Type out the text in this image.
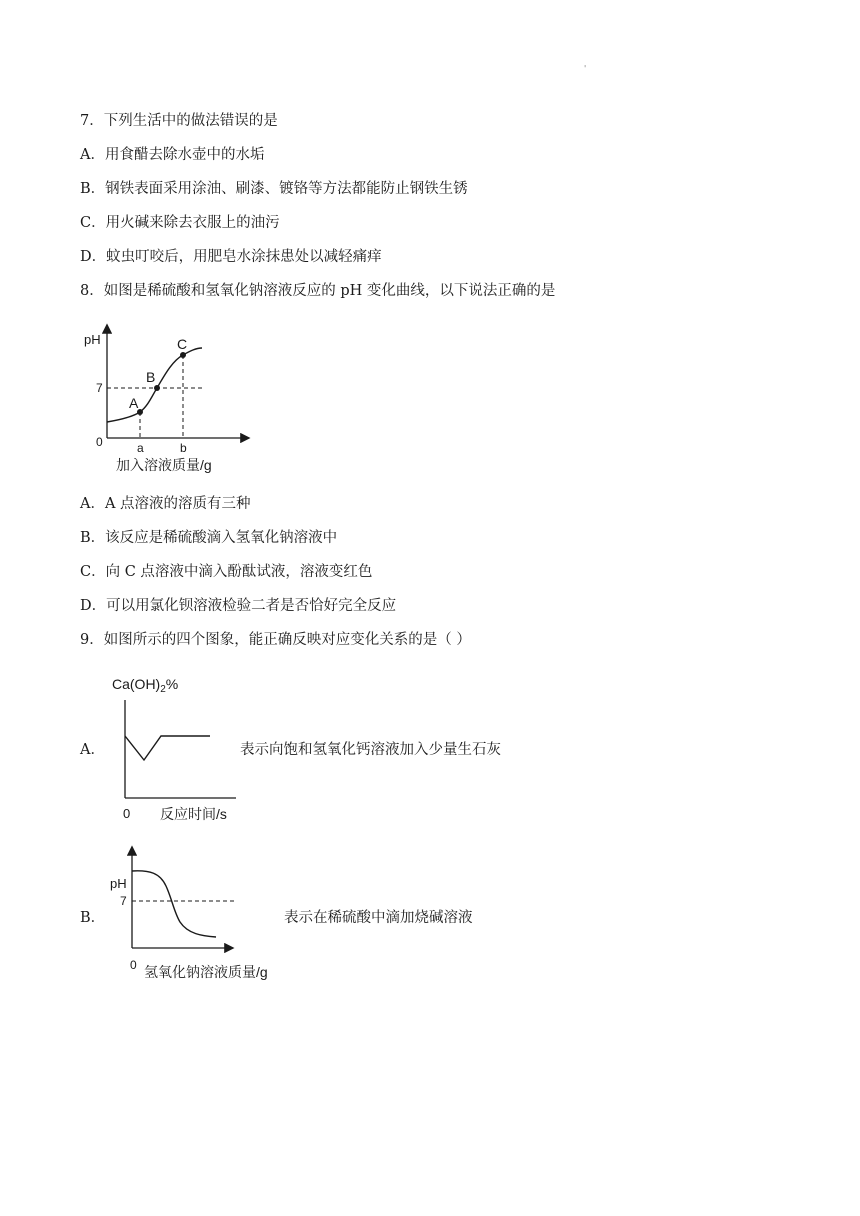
'
7．下列生活中的做法错误的是
A．用食醋去除水壶中的水垢
B．钢铁表面采用涂油、刷漆、镀铬等方法都能防止钢铁生锈
C．用火碱来除去衣服上的油污
D．蚊虫叮咬后，用肥皂水涂抹患处以减轻痛痒
8．如图是稀硫酸和氢氧化钠溶液反应的 pH 变化曲线，以下说法正确的是
pH
7
0
A
B
C
a	b
加入溶液质量/g
A．A 点溶液的溶质有三种
B．该反应是稀硫酸滴入氢氧化钠溶液中
C．向 C 点溶液中滴入酚酞试液，溶液变红色
D．可以用氯化钡溶液检验二者是否恰好完全反应
9．如图所示的四个图象，能正确反映对应变化关系的是（ ）
A．
$Ca(OH)_2\%$
0 反应时间/s
表示向饱和氢氧化钙溶液加入少量生石灰
B．
pH
7
0 氢氧化钠溶液质量/g
表示在稀硫酸中滴加烧碱溶液
